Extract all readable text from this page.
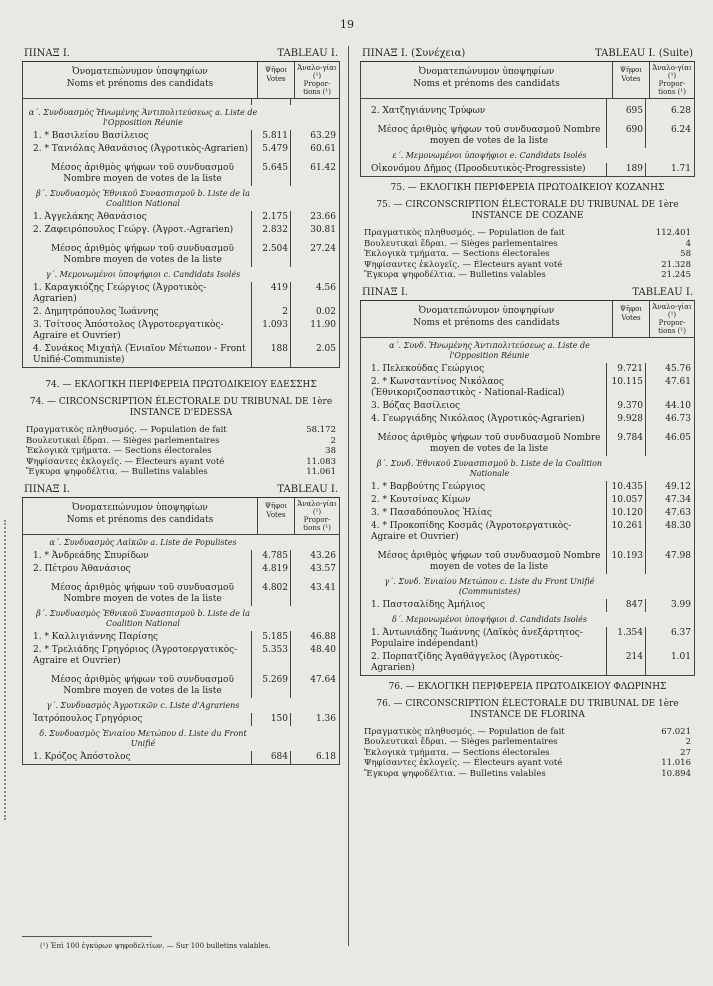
19
ΠΙΝΑΞ Ι.	TABLEAU I.
Ὀνοματεπώνυμον ὑποψηφίων
Noms et prénoms des candidats
Ψῆφοι
Votes
Ἀναλο-γίαι (¹)
Propor-tions (¹)
α΄. Συνδυασμὸς Ἡνωμένης Ἀντιπολιτεύσεως a. Liste de l'Opposition Réunie
1. * Βασιλείου Βασίλειος	5.811	63.29
2. * Τανιόλας Ἀθανάσιος (Ἀγροτικὸς-Agrarien)	5.479	60.61
Μέσος ἀριθμὸς ψήφων τοῦ συνδυασμοῦ Nombre moyen de votes de la liste
5.645	61.42
β΄. Συνδυασμὸς Ἐθνικοῦ Συνασπισμοῦ b. Liste de la Coalition National
1. Ἀγγελάκης Ἀθανάσιος	2.175	23.66
2. Ζαφειρόπουλος Γεώργ. (Ἀγροτ.-Agrarien)	2.832	30.81
Μέσος ἀριθμὸς ψήφων τοῦ συνδυασμοῦ Nombre moyen de votes de la liste
2.504	27.24
γ΄. Μεμονωμένοι ὑποψήφιοι c. Candidats Isolés
1. Καραγκιόζης Γεώργιος (Ἀγροτικὸς-Agrarien)
419	4.56
2. Δημητρόπουλος Ἰωάννης	2	0.02
3. Τσίτσος Ἀπόστολος (Ἀγροτοεργατικὸς-Agraire et Ouvrier)
1.093	11.90
4. Συνάκος Μιχαὴλ (Ἑνιαῖον Μέτωπον - Front Unifié-Communiste)
188	2.05
74. — ΕΚΛΟΓΙΚΗ ΠΕΡΙΦΕΡΕΙΑ ΠΡΩΤΟΔΙΚΕΙΟΥ ΕΔΕΣΣΗΣ
74. — CIRCONSCRIPTION ÉLECTORALE DU TRIBUNAL DE 1ère INSTANCE D'EDESSA
Πραγματικὸς πληθυσμός. — Population de fait	58.172
Βουλευτικαὶ ἕδραι. — Sièges parlementaires	2
Ἐκλογικὰ τμήματα. — Sections électorales	38
Ψηφίσαντες ἐκλογεῖς. — Électeurs ayant voté	11.083
Ἔγκυρα ψηφοδέλτια. — Bulletins valables	11.061
ΠΙΝΑΞ Ι.	TABLEAU I.
Ὀνοματεπώνυμον ὑποψηφίων
Noms et prénoms des candidats
Ψῆφοι
Votes
Ἀναλο-γίαι (¹)
Propor-tions (¹)
α΄. Συνδυασμὸς Λαϊκῶν a. Liste de Populistes
1. * Ἀνδρεάδης Σπυρίδων	4.785	43.26
2. Πέτρου Ἀθανάσιος	4.819	43.57
Μέσος ἀριθμὸς ψήφων τοῦ συνδυασμοῦ Nombre moyen de votes de la liste
4.802	43.41
β΄. Συνδυασμὸς Ἐθνικοῦ Συνασπισμοῦ b. Liste de la Coalition National
1. * Καλλιγιάννης Παρίσης	5.185	46.88
2. * Τρελιάδης Γρηγόριος (Ἀγροτοεργατικὸς-Agraire et Ouvrier)
5.353	48.40
Μέσος ἀριθμὸς ψήφων τοῦ συνδυασμοῦ Nombre moyen de votes de la liste
5.269	47.64
γ΄. Συνδυασμὸς Ἀγροτικῶν c. Liste d'Agrariens
Ἰατρόπουλος Γρηγόριος	150	1.36
δ. Συνδυασμὸς Ἑνιαίου Μετώπου d. Liste du Front Unifié
1. Κρόζος Ἀπόστολος	684	6.18
ΠΙΝΑΞ Ι. (Συνέχεια)	TABLEAU I. (Suite)
Ὀνοματεπώνυμον ὑποψηφίων
Noms et prénoms des candidats
Ψῆφοι
Votes
Ἀναλο-γίαι (¹)
Propor-tions (¹)
2. Χατζηγιάννης Τρύφων	695	6.28
Μέσος ἀριθμὸς ψήφων τοῦ συνδυασμοῦ Nombre moyen de votes de la liste
690	6.24
ε΄. Μεμονωμένοι ὑποψήφιοι e. Candidats Isolés
Οἰκονόμου Δῆμος (Προοδευτικὸς-Progressiste)	189	1.71
75. — ΕΚΛΟΓΙΚΗ ΠΕΡΙΦΕΡΕΙΑ ΠΡΩΤΟΔΙΚΕΙΟΥ ΚΟΖΑΝΗΣ
75. — CIRCONSCRIPTION ÉLECTORALE DU TRIBUNAL DE 1ère INSTANCE DE COZANE
Πραγματικὸς πληθυσμός. — Population de fait	112.401
Βουλευτικαὶ ἕδραι. — Sièges parlementaires	4
Ἐκλογικὰ τμήματα. — Sections électorales	58
Ψηφίσαντες ἐκλογεῖς. — Électeurs ayant voté	21.328
Ἔγκυρα ψηφοδέλτια. — Bulletins valables	21.245
ΠΙΝΑΞ Ι.	TABLEAU I.
Ὀνοματεπώνυμον ὑποψηφίων
Noms et prénoms des candidats
Ψῆφοι
Votes
Ἀναλο-γίαι (¹)
Propor-tions (¹)
α΄. Συνδ. Ἡνωμένης Ἀντιπολιτεύσεως a. Liste de l'Opposition Réunie
1. Πελεκούδας Γεώργιος	9.721	45.76
2. * Κωνσταντίνος Νικόλαος (Ἐθνικοριζοσπαστικὸς - National-Radical)
10.115	47.61
3. Βόζας Βασίλειος	9.370	44.10
4. Γεωργιάδης Νικόλαος (Ἀγροτικὸς-Agrarien)	9.928	46.73
Μέσος ἀριθμὸς ψήφων τοῦ συνδυασμοῦ Nombre moyen de votes de la liste
9.784	46.05
β΄. Συνδ. Ἐθνικοῦ Συνασπισμοῦ b. Liste de la Coalition Nationale
1. * Βαρβούτης Γεώργιος	10.435	49.12
2. * Κουτσίνας Κίμων	10.057	47.34
3. * Πασαδόπουλος Ἠλίας	10.120	47.63
4. * Προκοπίδης Κοσμᾶς (Ἀγροτοεργατικὸς-Agraire et Ouvrier)
10.261	48.30
Μέσος ἀριθμὸς ψήφων τοῦ συνδυασμοῦ Nombre moyen de votes de la liste
10.193	47.98
γ΄. Συνδ. Ἑνιαίου Μετώπου c. Liste du Front Unifié (Communistes)
1. Παστσαλίδης Ἀμήλιος	847	3.99
δ΄. Μεμονωμένοι ὑποψήφιοι d. Candidats Isolés
1. Ἀντωνιάδης Ἰωάννης (Λαϊκὸς ἀνεξάρτητος-Populaire indépendant)
1.354	6.37
2. Πορπατζίδης Ἀγαθάγγελος (Ἀγροτικὸς-Agrarien)
214	1.01
76. — ΕΚΛΟΓΙΚΗ ΠΕΡΙΦΕΡΕΙΑ ΠΡΩΤΟΔΙΚΕΙΟΥ ΦΛΩΡΙΝΗΣ
76. — CIRCONSCRIPTION ÉLECTORALE DU TRIBUNAL DE 1ère INSTANCE DE FLORINA
Πραγματικὸς πληθυσμός. — Population de fait	67.021
Βουλευτικαὶ ἕδραι. — Sièges parlementaires	2
Ἐκλογικὰ τμήματα. — Sections électorales	27
Ψηφίσαντες ἐκλογεῖς. — Électeurs ayant voté	11.016
Ἔγκυρα ψηφοδέλτια. — Bulletins valables	10.894
(¹) Ἐπὶ 100 ἐγκύρων ψηφοδελτίων. — Sur 100 bulletins valables.
